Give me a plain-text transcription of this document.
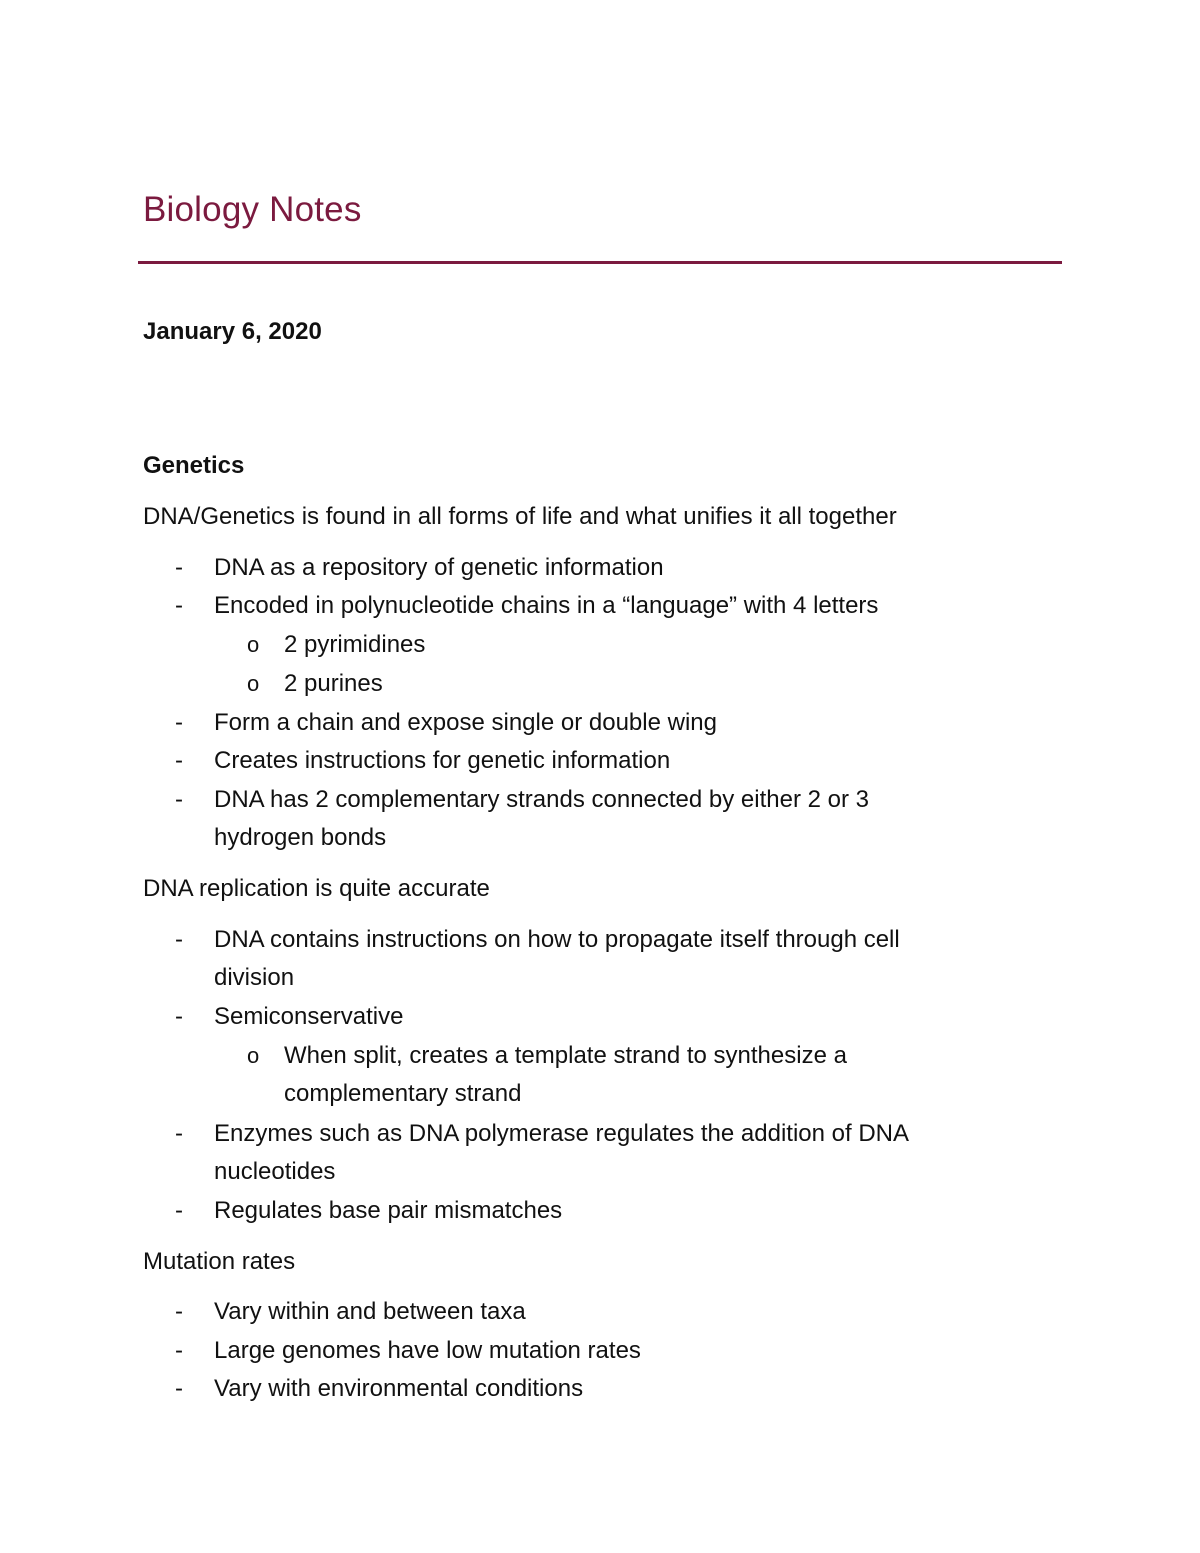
Biology Notes
January 6, 2020
Genetics
DNA/Genetics is found in all forms of life and what unifies it all together
- DNA as a repository of genetic information
- Encoded in polynucleotide chains in a “language” with 4 letters
o 2 pyrimidines
o 2 purines
- Form a chain and expose single or double wing
- Creates instructions for genetic information
- DNA has 2 complementary strands connected by either 2 or 3
hydrogen bonds
DNA replication is quite accurate
- DNA contains instructions on how to propagate itself through cell
division
- Semiconservative
o When split, creates a template strand to synthesize a
complementary strand
- Enzymes such as DNA polymerase regulates the addition of DNA
nucleotides
- Regulates base pair mismatches
Mutation rates
- Vary within and between taxa
- Large genomes have low mutation rates
- Vary with environmental conditions
